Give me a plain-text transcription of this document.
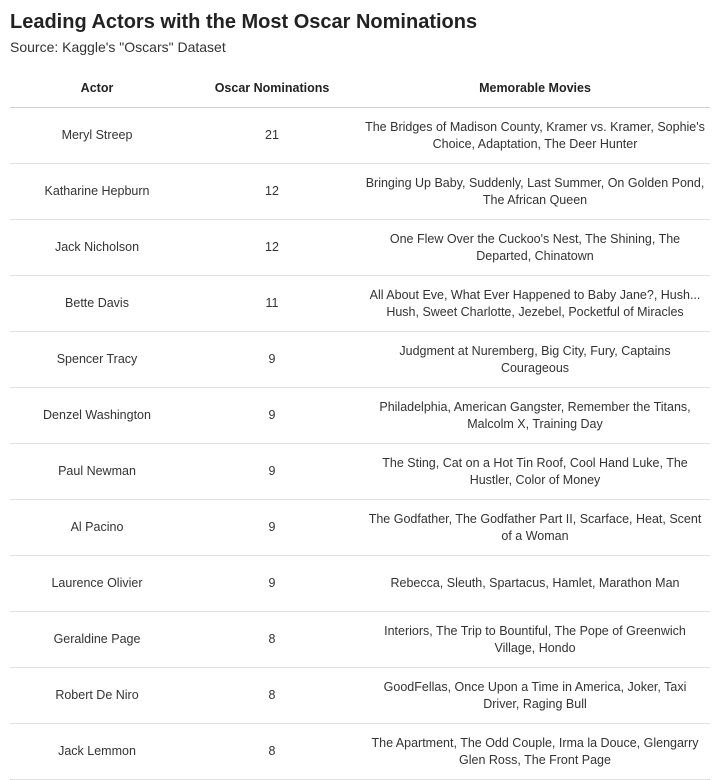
Leading Actors with the Most Oscar Nominations
Source: Kaggle's "Oscars" Dataset
Actor	Oscar Nominations	Memorable Movies
Meryl Streep	21	The Bridges of Madison County, Kramer vs. Kramer, Sophie's Choice, Adaptation, The Deer Hunter
Katharine Hepburn	12	Bringing Up Baby, Suddenly, Last Summer, On Golden Pond, The African Queen
Jack Nicholson	12	One Flew Over the Cuckoo's Nest, The Shining, The Departed, Chinatown
Bette Davis	11	All About Eve, What Ever Happened to Baby Jane?, Hush... Hush, Sweet Charlotte, Jezebel, Pocketful of Miracles
Spencer Tracy	9	Judgment at Nuremberg, Big City, Fury, Captains Courageous
Denzel Washington	9	Philadelphia, American Gangster, Remember the Titans, Malcolm X, Training Day
Paul Newman	9	The Sting, Cat on a Hot Tin Roof, Cool Hand Luke, The Hustler, Color of Money
Al Pacino	9	The Godfather, The Godfather Part II, Scarface, Heat, Scent of a Woman
Laurence Olivier	9	Rebecca, Sleuth, Spartacus, Hamlet, Marathon Man
Geraldine Page	8	Interiors, The Trip to Bountiful, The Pope of Greenwich Village, Hondo
Robert De Niro	8	GoodFellas, Once Upon a Time in America, Joker, Taxi Driver, Raging Bull
Jack Lemmon	8	The Apartment, The Odd Couple, Irma la Douce, Glengarry Glen Ross, The Front Page
